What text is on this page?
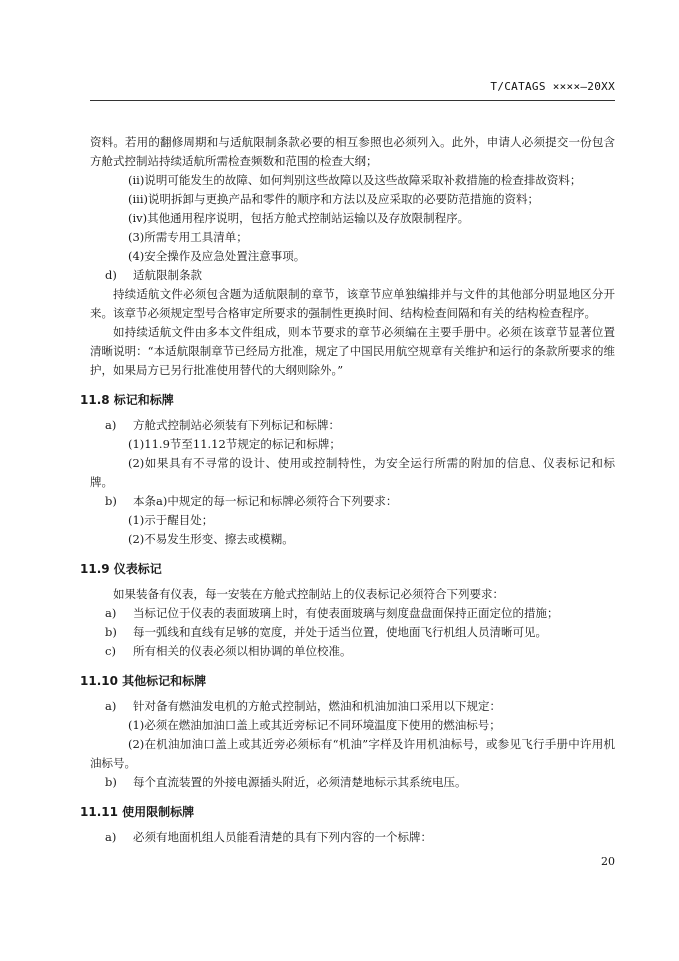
T/CATAGS ××××—20XX

资料。若用的翻修周期和与适航限制条款必要的相互参照也必须列入。此外，申请人必须提交一份包含方舱式控制站持续适航所需检查频数和范围的检查大纲；

(ii)说明可能发生的故障、如何判别这些故障以及这些故障采取补救措施的检查排故资料；

(iii)说明拆卸与更换产品和零件的顺序和方法以及应采取的必要防范措施的资料；

(iv)其他通用程序说明，包括方舱式控制站运输以及存放限制程序。

(3)所需专用工具清单；

(4)安全操作及应急处置注意事项。

d)	适航限制条款

持续适航文件必须包含题为适航限制的章节，该章节应单独编排并与文件的其他部分明显地区分开来。该章节必须规定型号合格审定所要求的强制性更换时间、结构检查间隔和有关的结构检查程序。

如持续适航文件由多本文件组成，则本节要求的章节必须编在主要手册中。必须在该章节显著位置清晰说明：“本适航限制章节已经局方批准，规定了中国民用航空规章有关维护和运行的条款所要求的维护，如果局方已另行批准使用替代的大纲则除外。”

11.8 标记和标牌
a)	方舱式控制站必须装有下列标记和标牌：

(1)11.9节至11.12节规定的标记和标牌；

(2)如果具有不寻常的设计、使用或控制特性，为安全运行所需的附加的信息、仪表标记和标牌。

b)	本条a)中规定的每一标记和标牌必须符合下列要求：

(1)示于醒目处；

(2)不易发生形变、擦去或模糊。

11.9 仪表标记

如果装备有仪表，每一安装在方舱式控制站上的仪表标记必须符合下列要求：

a)	当标记位于仪表的表面玻璃上时，有使表面玻璃与刻度盘盘面保持正面定位的措施；
b)	每一弧线和直线有足够的宽度，并处于适当位置，使地面飞行机组人员清晰可见。
c)	所有相关的仪表必须以相协调的单位校准。
11.10 其他标记和标牌
a)	针对备有燃油发电机的方舱式控制站，燃油和机油加油口采用以下规定：

(1)必须在燃油加油口盖上或其近旁标记不同环境温度下使用的燃油标号；

(2)在机油加油口盖上或其近旁必须标有“机油”字样及许用机油标号，或参见飞行手册中许用机油标号。

b)	每个直流装置的外接电源插头附近，必须清楚地标示其系统电压。
11.11 使用限制标牌
a)	必须有地面机组人员能看清楚的具有下列内容的一个标牌：
20
